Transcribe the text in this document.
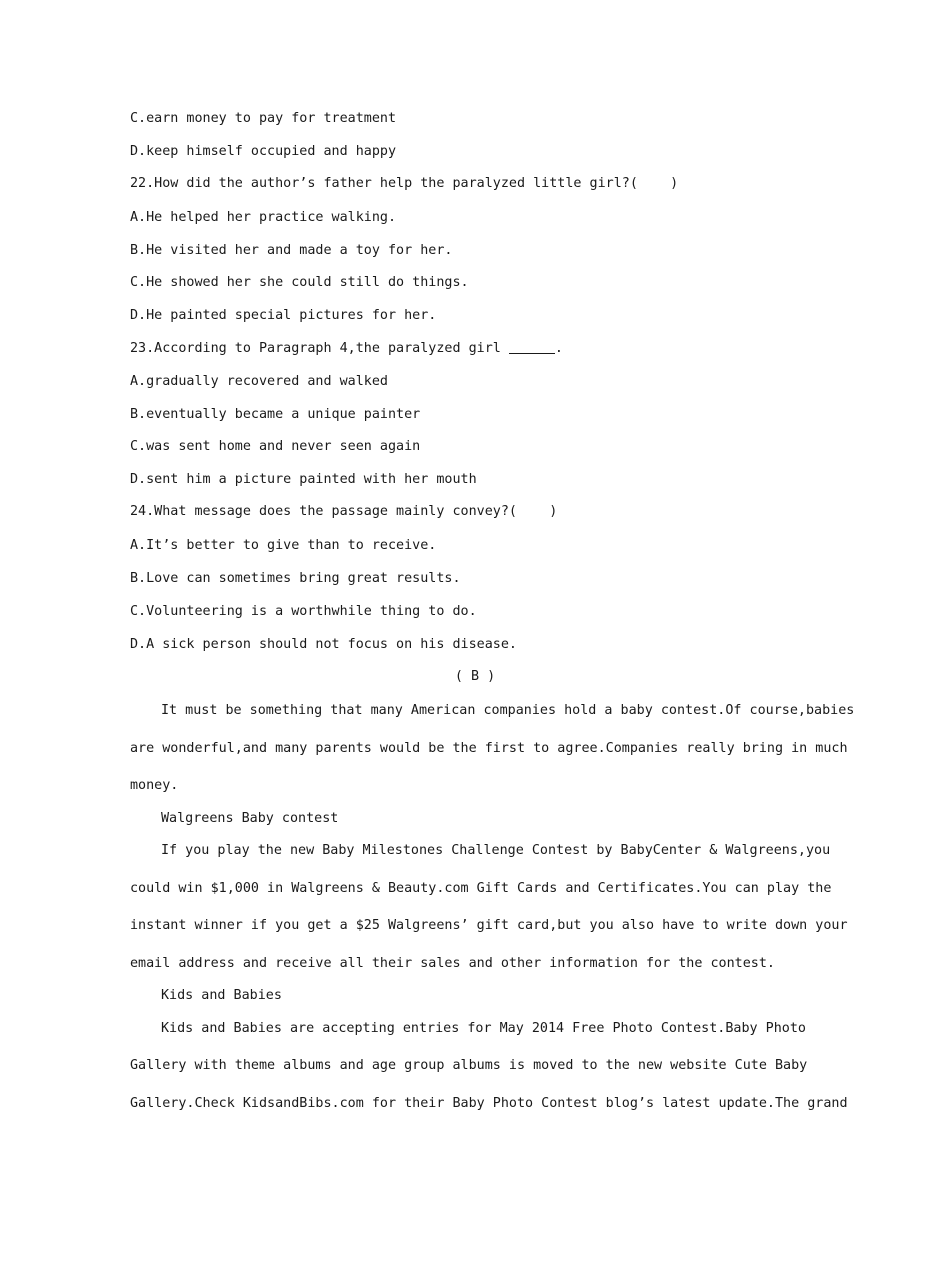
C.earn money to pay for treatment
D.keep himself occupied and happy
22.How did the author’s father help the paralyzed little girl?(    )
A.He helped her practice walking.
B.He visited her and made a toy for her.
C.He showed her she could still do things.
D.He painted special pictures for her.
23.According to Paragraph 4,the paralyzed girl	.
A.gradually recovered and walked
B.eventually became a unique painter
C.was sent home and never seen again
D.sent him a picture painted with her mouth
24.What message does the passage mainly convey?(    )
A.It’s better to give than to receive.
B.Love can sometimes bring great results.
C.Volunteering is a worthwhile thing to do.
D.A sick person should not focus on his disease.
( B )
It must be something that many American companies hold a baby contest.Of course,babies
are wonderful,and many parents would be the first to agree.Companies really bring in much
money.
Walgreens Baby contest
If you play the new Baby Milestones Challenge Contest by BabyCenter & Walgreens,you
could win $1,000 in Walgreens & Beauty.com Gift Cards and Certificates.You can play the
instant winner if you get a $25 Walgreens’ gift card,but you also have to write down your
email address and receive all their sales and other information for the contest.
Kids and Babies
Kids and Babies are accepting entries for May 2014 Free Photo Contest.Baby Photo
Gallery with theme albums and age group albums is moved to the new website Cute Baby
Gallery.Check KidsandBibs.com for their Baby Photo Contest blog’s latest update.The grand
